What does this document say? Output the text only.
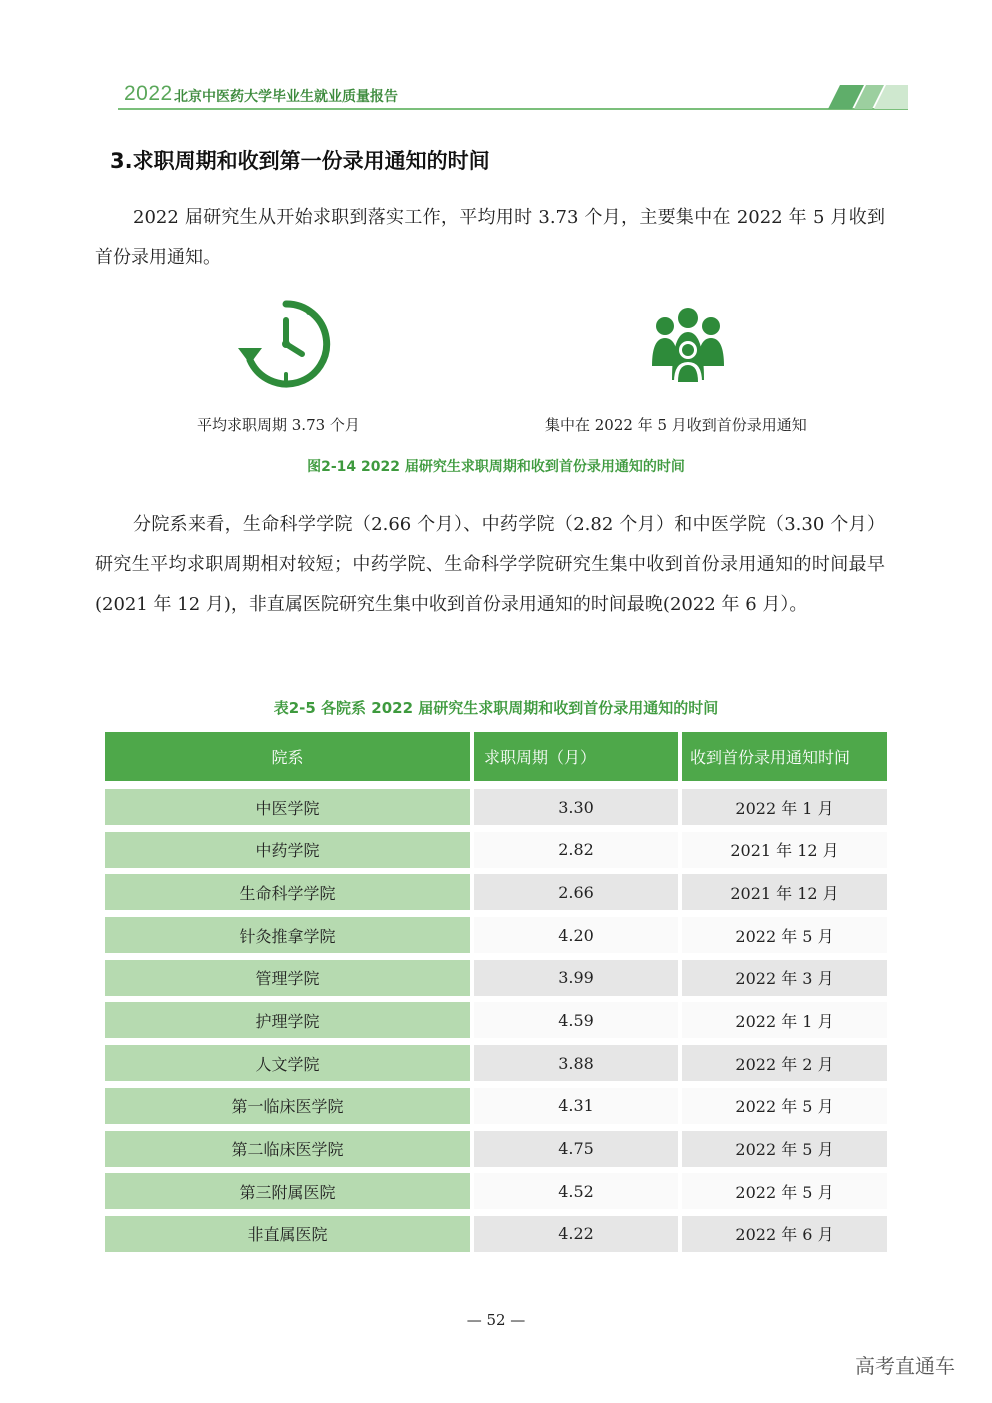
2022 北京中医药大学毕业生就业质量报告
3.求职周期和收到第一份录用通知的时间

2022 届研究生从开始求职到落实工作，平均用时 3.73 个月，主要集中在 2022 年 5 月收到首份录用通知。

平均求职周期 3.73 个月	集中在 2022 年 5 月收到首份录用通知
图2-14 2022 届研究生求职周期和收到首份录用通知的时间

分院系来看，生命科学学院（2.66 个月）、中药学院（2.82 个月）和中医学院（3.30 个月）研究生平均求职周期相对较短；中药学院、生命科学学院研究生集中收到首份录用通知的时间最早(2021 年 12 月)，非直属医院研究生集中收到首份录用通知的时间最晚(2022 年 6 月）。

表2-5 各院系 2022 届研究生求职周期和收到首份录用通知的时间
院系	求职周期（月）	收到首份录用通知时间
中医学院	3.30	2022 年 1 月
中药学院	2.82	2021 年 12 月
生命科学学院	2.66	2021 年 12 月
针灸推拿学院	4.20	2022 年 5 月
管理学院	3.99	2022 年 3 月
护理学院	4.59	2022 年 1 月
人文学院	3.88	2022 年 2 月
第一临床医学院	4.31	2022 年 5 月
第二临床医学院	4.75	2022 年 5 月
第三附属医院	4.52	2022 年 5 月
非直属医院	4.22	2022 年 6 月
— 52 —
高考直通车
